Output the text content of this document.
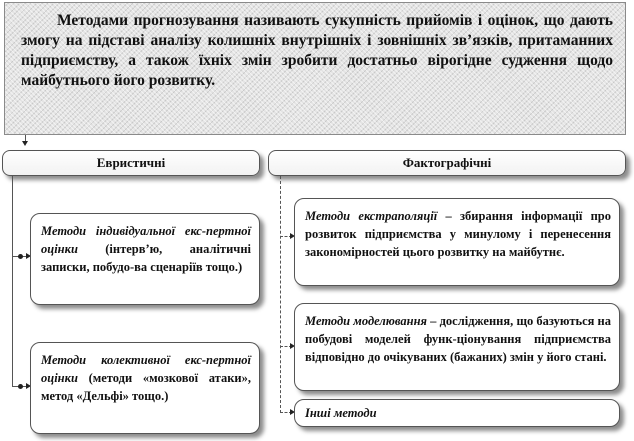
Методами прогнозування називають сукупність прийомів і оцінок, що дають змогу на підставі аналізу колишніх внутрішніх і зовнішніх зв’язків, притаманних підприємству, а також їхніх змін зробити достатньо вірогідне судження щодо майбутнього його розвитку.
Евристичні	Фактографічні
Методи індивідуальної екс-пертної оцінки (інтерв’ю, аналітичні записки, побудо-ва сценаріїв тощо.)
Методи колективної екс-пертної оцінки (методи «мозкової атаки», метод «Дельфі» тощо.)
Методи екстраполяції – збирання інформації про розвиток підприємства у минулому і перенесення закономірностей цього розвитку на майбутнє.
Методи моделювання – дослідження, що базуються на побудові моделей функ-ціонування підприємства відповідно до очікуваних (бажаних) змін у його стані.
Інші методи
